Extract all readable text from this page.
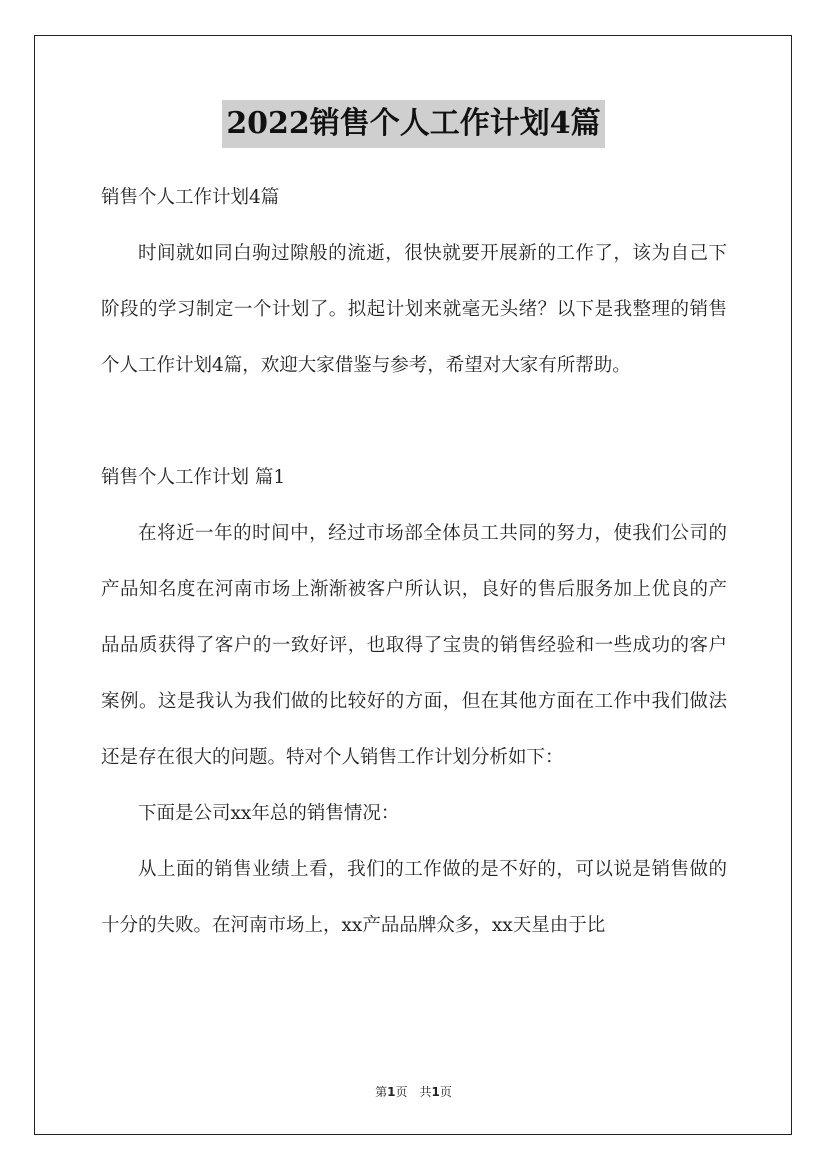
2022销售个人工作计划4篇

销售个人工作计划4篇

时间就如同白驹过隙般的流逝，很快就要开展新的工作了，该为自己下阶段的学习制定一个计划了。拟起计划来就毫无头绪？以下是我整理的销售个人工作计划4篇，欢迎大家借鉴与参考，希望对大家有所帮助。

销售个人工作计划 篇1

在将近一年的时间中，经过市场部全体员工共同的努力，使我们公司的产品知名度在河南市场上渐渐被客户所认识，良好的售后服务加上优良的产品品质获得了客户的一致好评，也取得了宝贵的销售经验和一些成功的客户案例。这是我认为我们做的比较好的方面，但在其他方面在工作中我们做法还是存在很大的问题。特对个人销售工作计划分析如下：

下面是公司xx年总的销售情况：

从上面的销售业绩上看，我们的工作做的是不好的，可以说是销售做的十分的失败。在河南市场上，xx产品品牌众多，xx天星由于比

第1页　共1页
